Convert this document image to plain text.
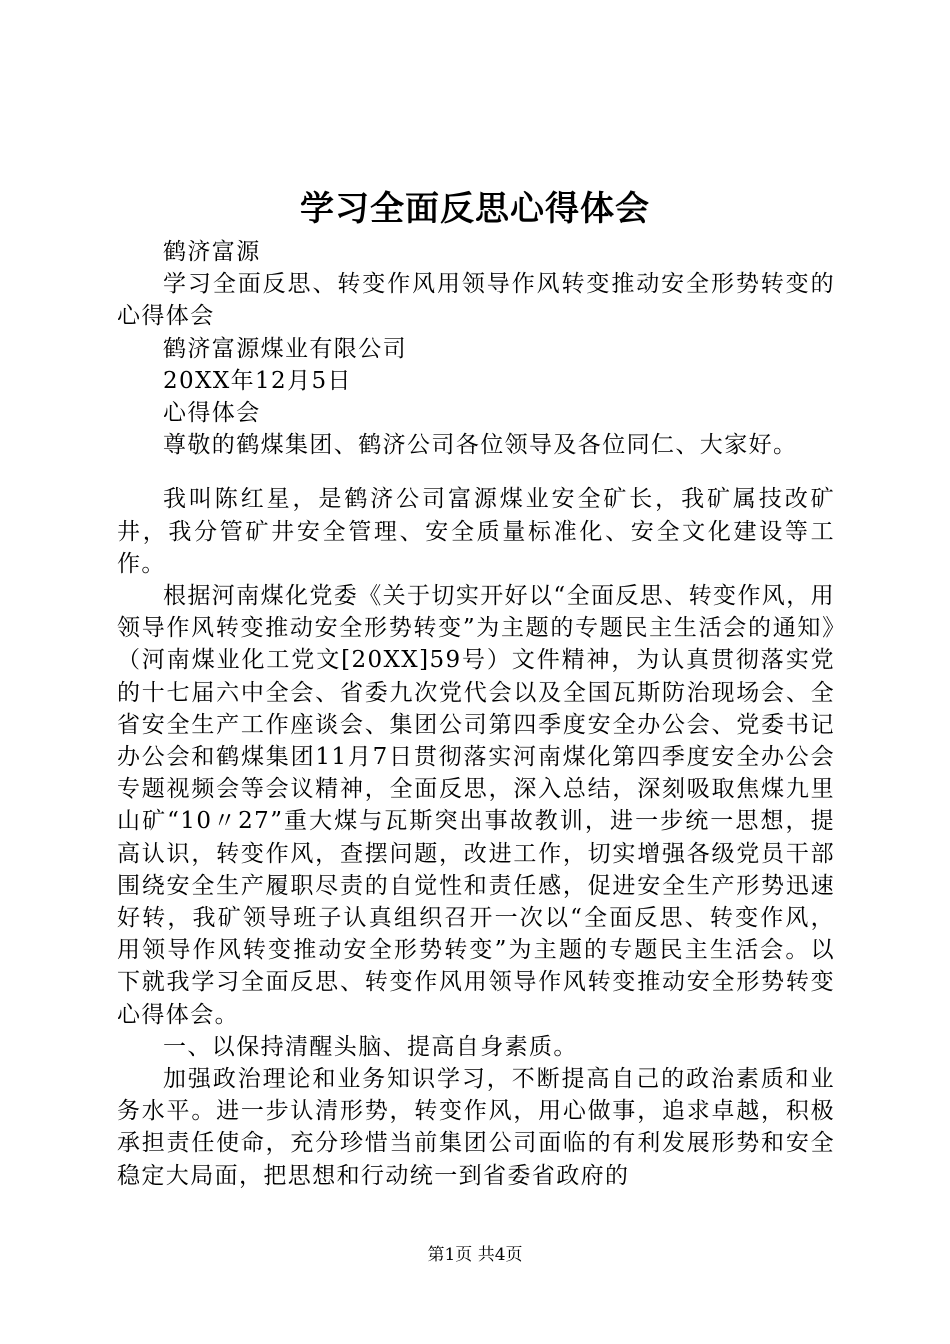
学习全面反思心得体会

鹤济富源

学习全面反思、转变作风用领导作风转变推动安全形势转变的心得体会

鹤济富源煤业有限公司

20XX年12月5日

心得体会

尊敬的鹤煤集团、鹤济公司各位领导及各位同仁、大家好。

我叫陈红星，是鹤济公司富源煤业安全矿长，我矿属技改矿井，我分管矿井安全管理、安全质量标准化、安全文化建设等工作。

根据河南煤化党委《关于切实开好以“全面反思、转变作风，用领导作风转变推动安全形势转变”为主题的专题民主生活会的通知》（河南煤业化工党文[20XX]59号）文件精神，为认真贯彻落实党的十七届六中全会、省委九次党代会以及全国瓦斯防治现场会、全省安全生产工作座谈会、集团公司第四季度安全办公会、党委书记办公会和鹤煤集团11月7日贯彻落实河南煤化第四季度安全办公会专题视频会等会议精神，全面反思，深入总结，深刻吸取焦煤九里山矿“10〃27”重大煤与瓦斯突出事故教训，进一步统一思想，提高认识，转变作风，查摆问题，改进工作，切实增强各级党员干部围绕安全生产履职尽责的自觉性和责任感，促进安全生产形势迅速好转，我矿领导班子认真组织召开一次以“全面反思、转变作风，用领导作风转变推动安全形势转变”为主题的专题民主生活会。以下就我学习全面反思、转变作风用领导作风转变推动安全形势转变心得体会。

一、以保持清醒头脑、提高自身素质。

加强政治理论和业务知识学习，不断提高自己的政治素质和业务水平。进一步认清形势，转变作风，用心做事，追求卓越，积极承担责任使命，充分珍惜当前集团公司面临的有利发展形势和安全稳定大局面，把思想和行动统一到省委省政府的

第1页 共4页
